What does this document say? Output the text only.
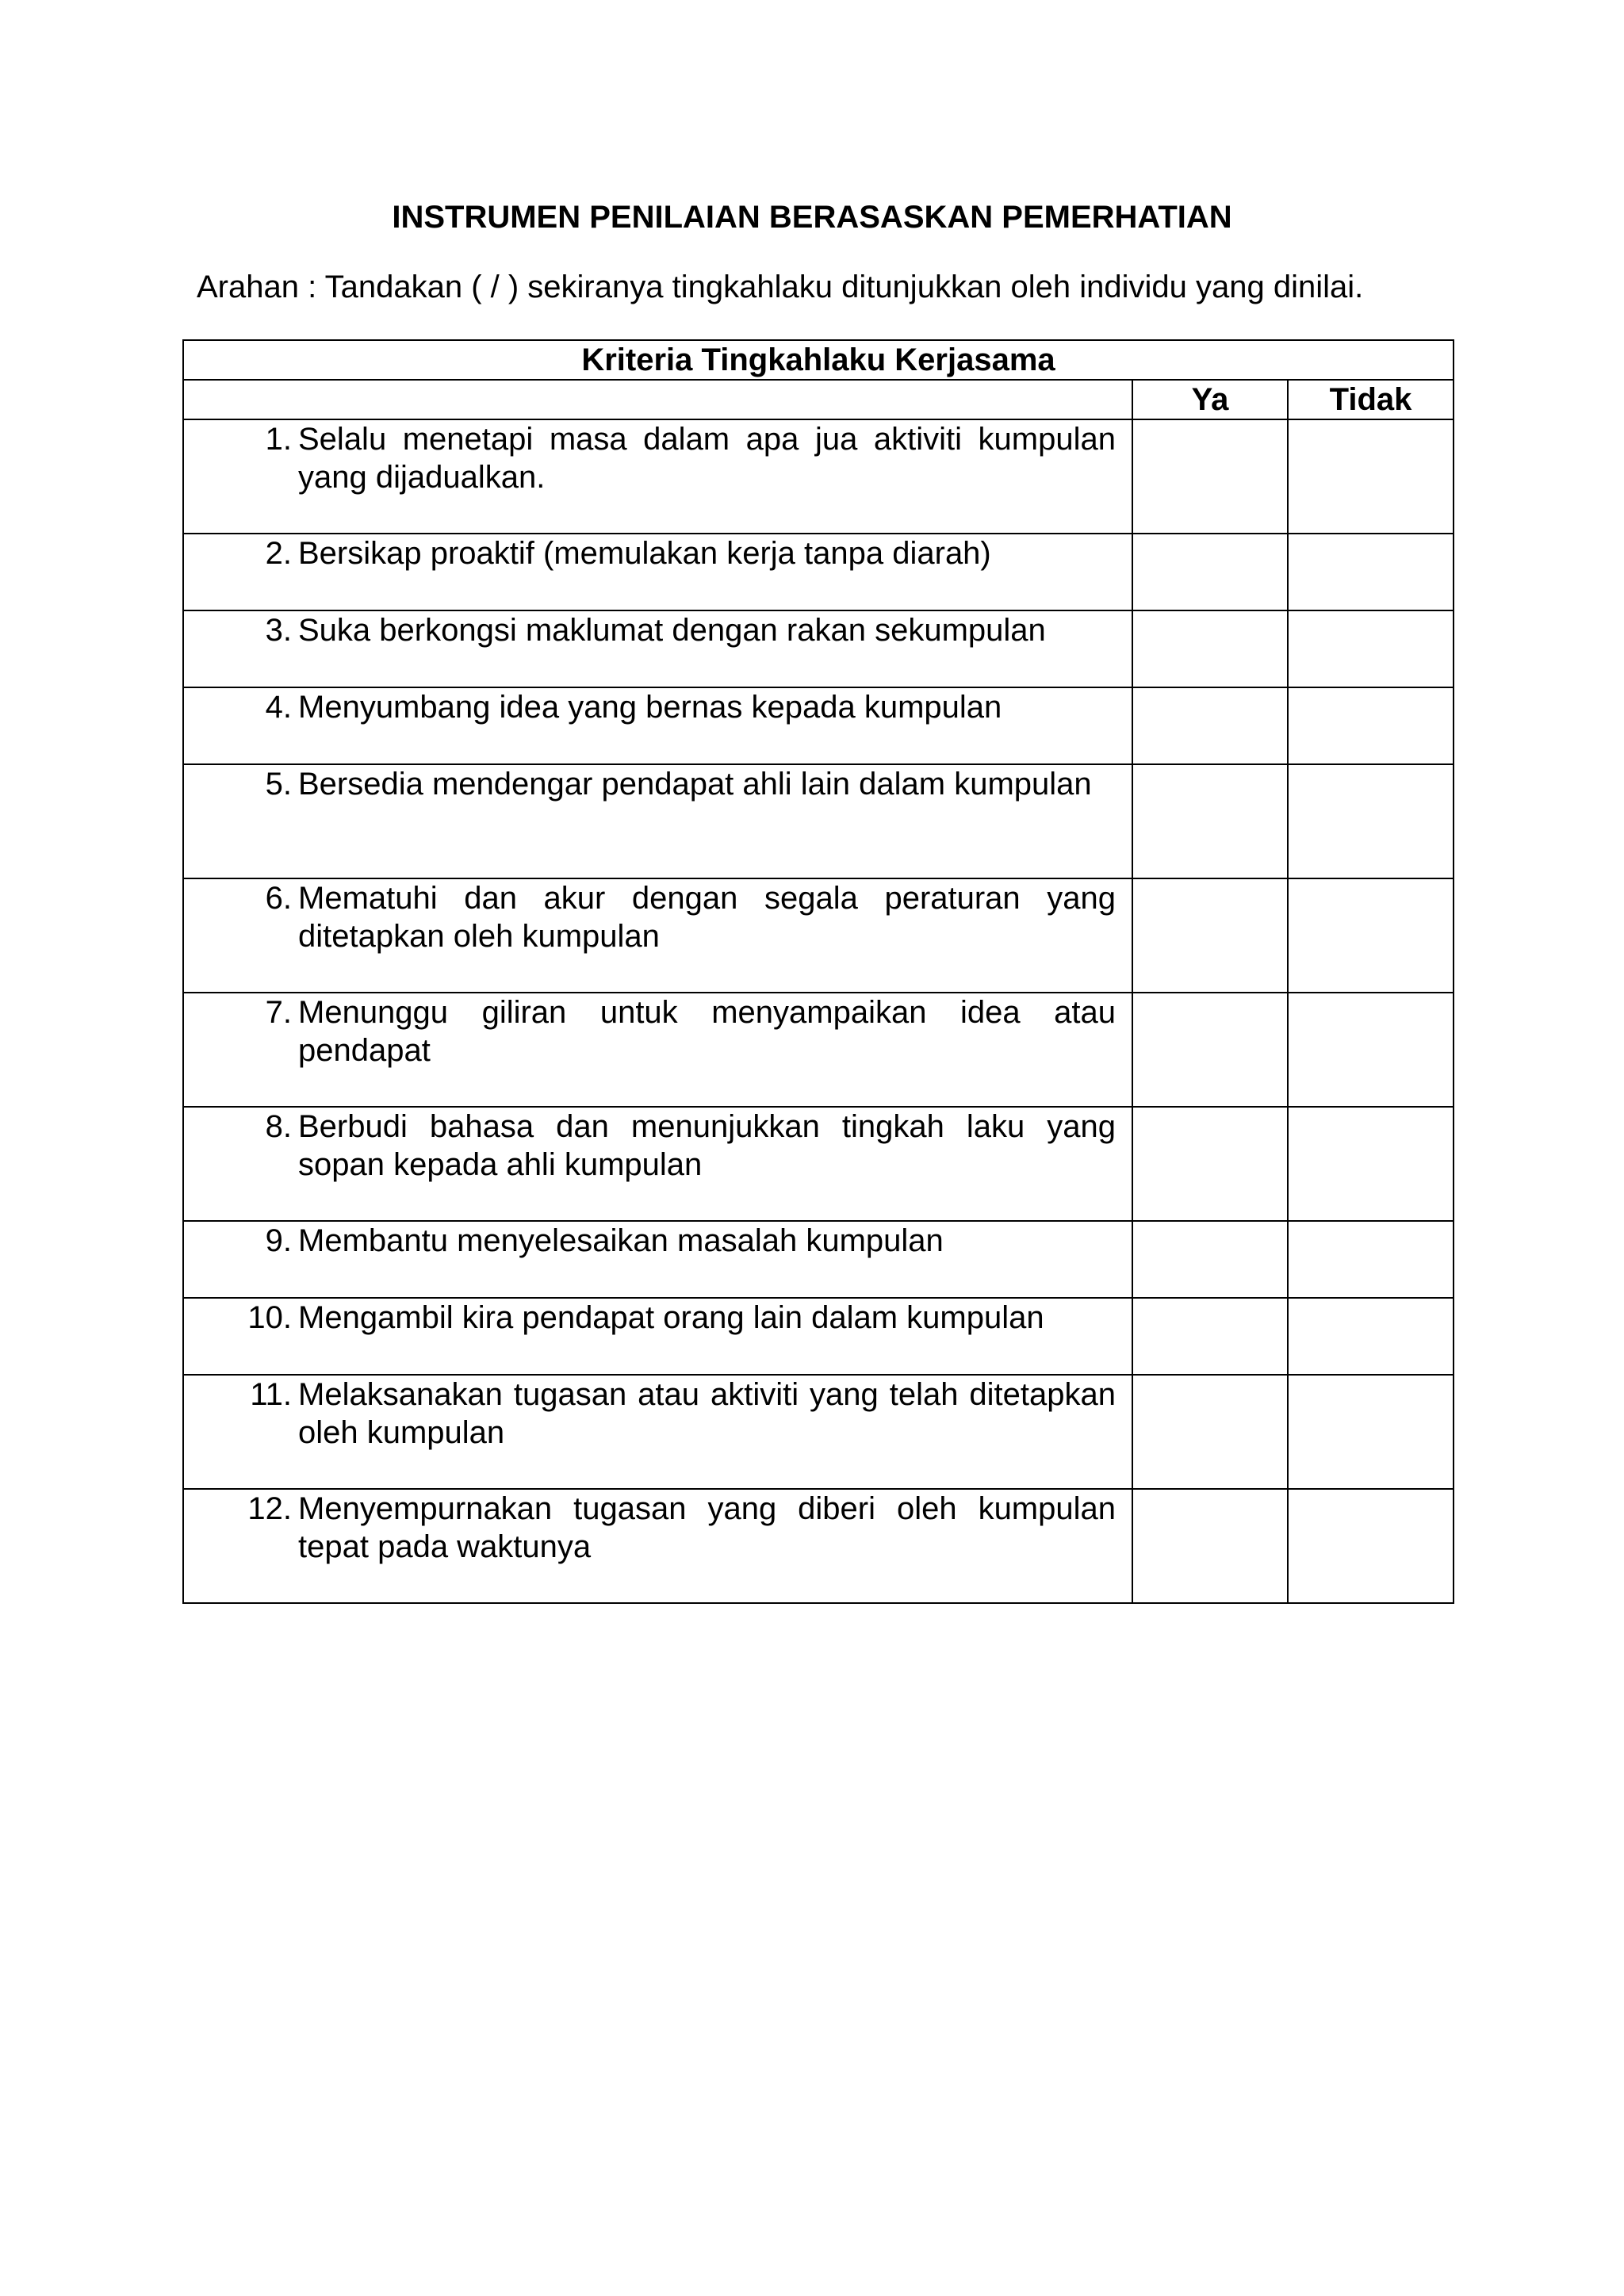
INSTRUMEN PENILAIAN BERASASKAN PEMERHATIAN
Arahan : Tandakan ( / ) sekiranya tingkahlaku ditunjukkan oleh individu yang dinilai.
Kriteria Tingkahlaku Kerjasama		
	Ya	Tidak

1. Selalu menetapi masa dalam apa jua aktiviti kumpulan yang dijadualkan.		

2. Bersikap proaktif (memulakan kerja tanpa diarah)		

3. Suka berkongsi maklumat dengan rakan sekumpulan		

4. Menyumbang idea yang bernas kepada kumpulan		

5. Bersedia mendengar pendapat ahli lain dalam kumpulan		

6. Mematuhi dan akur dengan segala peraturan yang ditetapkan oleh kumpulan		

7. Menunggu giliran untuk menyampaikan idea atau pendapat		

8. Berbudi bahasa dan menunjukkan tingkah laku yang sopan kepada ahli kumpulan		

9. Membantu menyelesaikan masalah kumpulan		

10. Mengambil kira pendapat orang lain dalam kumpulan		

11. Melaksanakan tugasan atau aktiviti yang telah ditetapkan oleh kumpulan		

12. Menyempurnakan tugasan yang diberi oleh kumpulan tepat pada waktunya		
